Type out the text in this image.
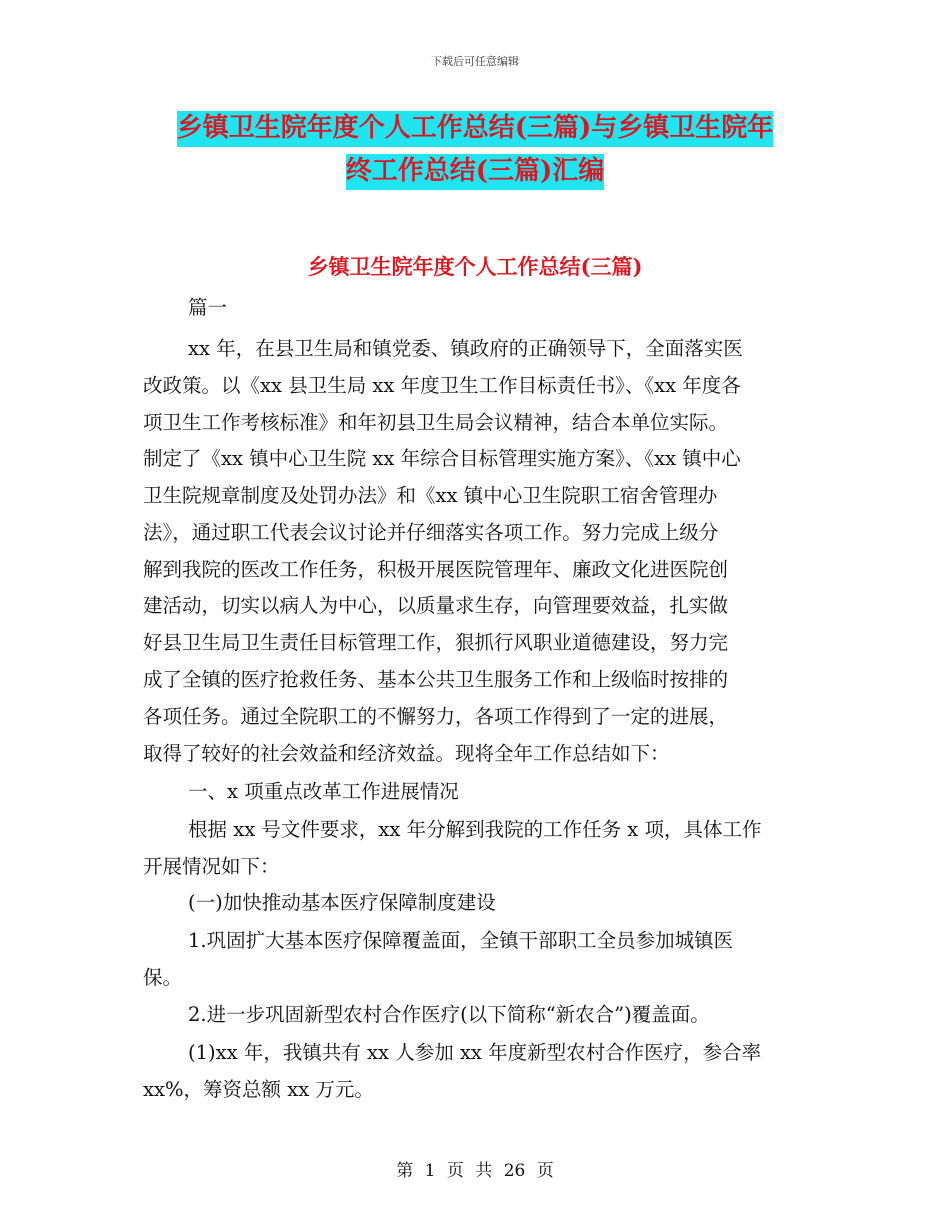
下载后可任意编辑
乡镇卫生院年度个人工作总结(三篇)与乡镇卫生院年
终工作总结(三篇)汇编
乡镇卫生院年度个人工作总结(三篇)
篇一
xx 年，在县卫生局和镇党委、镇政府的正确领导下，全面落实医
改政策。以《xx 县卫生局 xx 年度卫生工作目标责任书》、《xx 年度各
项卫生工作考核标准》和年初县卫生局会议精神，结合本单位实际。
制定了《xx 镇中心卫生院 xx 年综合目标管理实施方案》、《xx 镇中心
卫生院规章制度及处罚办法》和《xx 镇中心卫生院职工宿舍管理办
法》，通过职工代表会议讨论并仔细落实各项工作。努力完成上级分
解到我院的医改工作任务，积极开展医院管理年、廉政文化进医院创
建活动，切实以病人为中心，以质量求生存，向管理要效益，扎实做
好县卫生局卫生责任目标管理工作，狠抓行风职业道德建设，努力完
成了全镇的医疗抢救任务、基本公共卫生服务工作和上级临时按排的
各项任务。通过全院职工的不懈努力，各项工作得到了一定的进展，
取得了较好的社会效益和经济效益。现将全年工作总结如下：
一、x 项重点改革工作进展情况
根据 xx 号文件要求，xx 年分解到我院的工作任务 x 项，具体工作
开展情况如下：
(一)加快推动基本医疗保障制度建设
1.巩固扩大基本医疗保障覆盖面，全镇干部职工全员参加城镇医
保。
2.进一步巩固新型农村合作医疗(以下简称“新农合”)覆盖面。
(1)xx 年，我镇共有 xx 人参加 xx 年度新型农村合作医疗，参合率
xx%，筹资总额 xx 万元。
第 1 页 共 26 页
